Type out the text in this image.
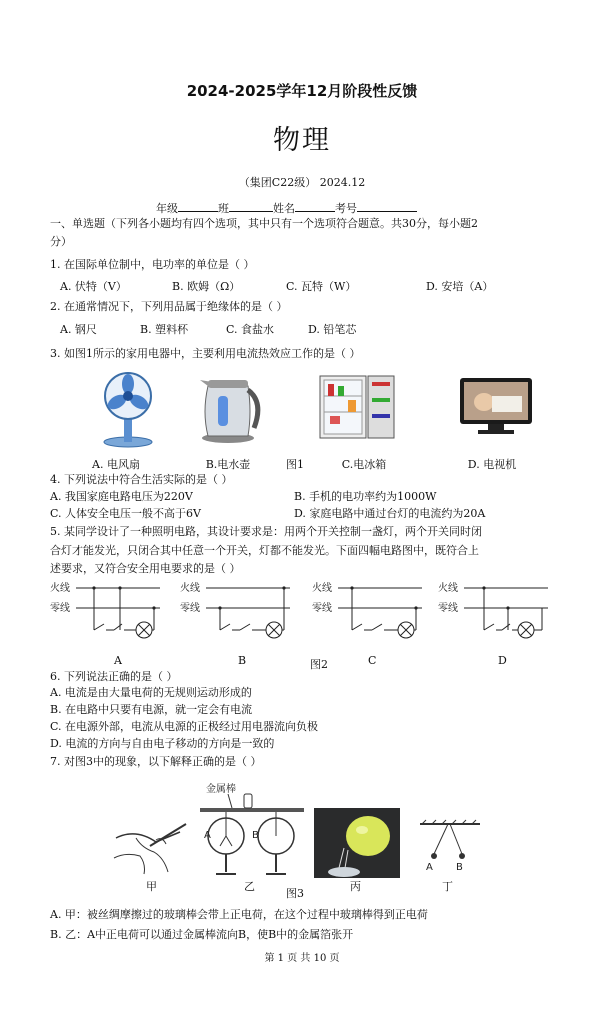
2024-2025学年12月阶段性反馈
物理
（集团C22级） 2024.12
年级	班	姓名	考号
一、单选题（下列各小题均有四个选项，其中只有一个选项符合题意。共30分，每小题2
分）
1. 在国际单位制中，电功率的单位是（ ）
A. 伏特（V）	B. 欧姆（Ω）	C. 瓦特（W）	D. 安培（A）
2. 在通常情况下，下列用品属于绝缘体的是（ ）
A. 钢尺	B. 塑料杯	C. 食盐水	D. 铅笔芯
3. 如图1所示的家用电器中，主要利用电流热效应工作的是（ ）
A. 电风扇	B.电水壶	图1	C.电冰箱	D. 电视机
4. 下列说法中符合生活实际的是（ ）
A. 我国家庭电路电压为220V	B. 手机的电功率约为1000W
C. 人体安全电压一般不高于6V	D. 家庭电路中通过台灯的电流约为20A
5. 某同学设计了一种照明电路，其设计要求是：用两个开关控制一盏灯，两个开关同时闭
合灯才能发光，只闭合其中任意一个开关，灯都不能发光。下面四幅电路图中，既符合上
述要求，又符合安全用电要求的是（ ）
火线
零线
火线
零线
火线
零线
火线
零线
A	B	图2	C	D
6. 下列说法正确的是（ ）
A. 电流是由大量电荷的无规则运动形成的
B. 在电路中只要有电源，就一定会有电流
C. 在电源外部，电流从电源的正极经过用电器流向负极
D. 电流的方向与自由电子移动的方向是一致的
7. 对图3中的现象，以下解释正确的是（ ）
金属棒
A	B
A B
甲	乙	丙	丁
图3
A. 甲：被丝绸摩擦过的玻璃棒会带上正电荷，在这个过程中玻璃棒得到正电荷
B. 乙：A中正电荷可以通过金属棒流向B，使B中的金属箔张开
第 1 页 共 10 页
